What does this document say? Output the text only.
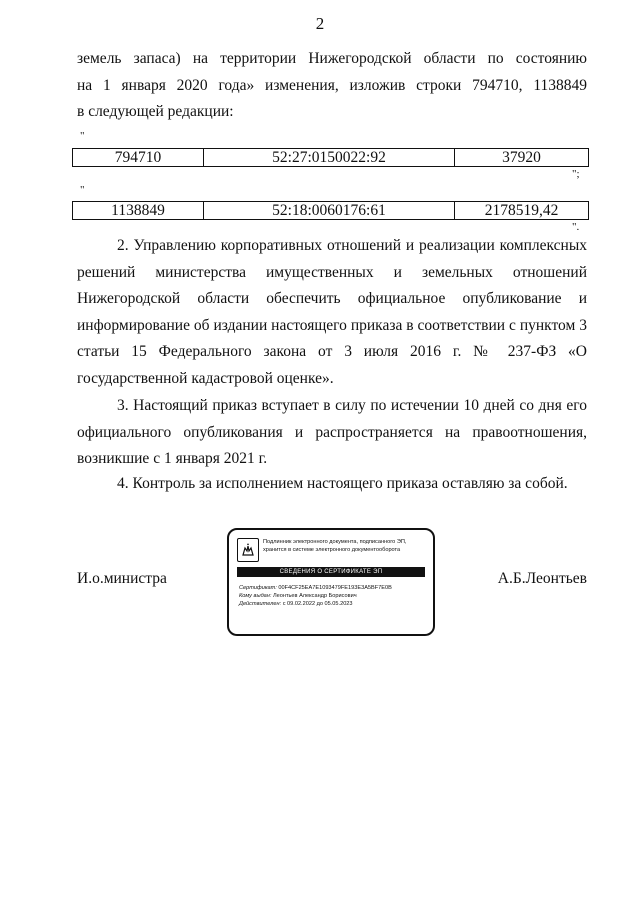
2
земель запаса) на территории Нижегородской области по состоянию
на 1 января 2020 года» изменения, изложив строки 794710, 1138849
в следующей редакции:
"
794710	52:27:0150022:92	37920
";
"
1138849	52:18:0060176:61	2178519,42
".
2. Управлению корпоративных отношений и реализации комплексных решений министерства имущественных и земельных отношений Нижегородской области обеспечить официальное опубликование и информирование об издании настоящего приказа в соответствии с пунктом 3 статьи 15 Федерального закона от 3 июля 2016 г. № 237-ФЗ «О государственной кадастровой оценке».
3. Настоящий приказ вступает в силу по истечении 10 дней со дня его официального опубликования и распространяется на правоотношения, возникшие с 1 января 2021 г.
4. Контроль за исполнением настоящего приказа оставляю за собой.
И.о.министра	А.Б.Леонтьев
Подлинник электронного документа, подписанного ЭП, хранится в системе электронного документооборота
СВЕДЕНИЯ О СЕРТИФИКАТЕ ЭП
Сертификат: 00F4CF25EA7E1093479FE193E3A5BF7E0B
Кому выдан: Леонтьев Александр Борисович
Действителен: с 09.02.2022 до 05.05.2023
